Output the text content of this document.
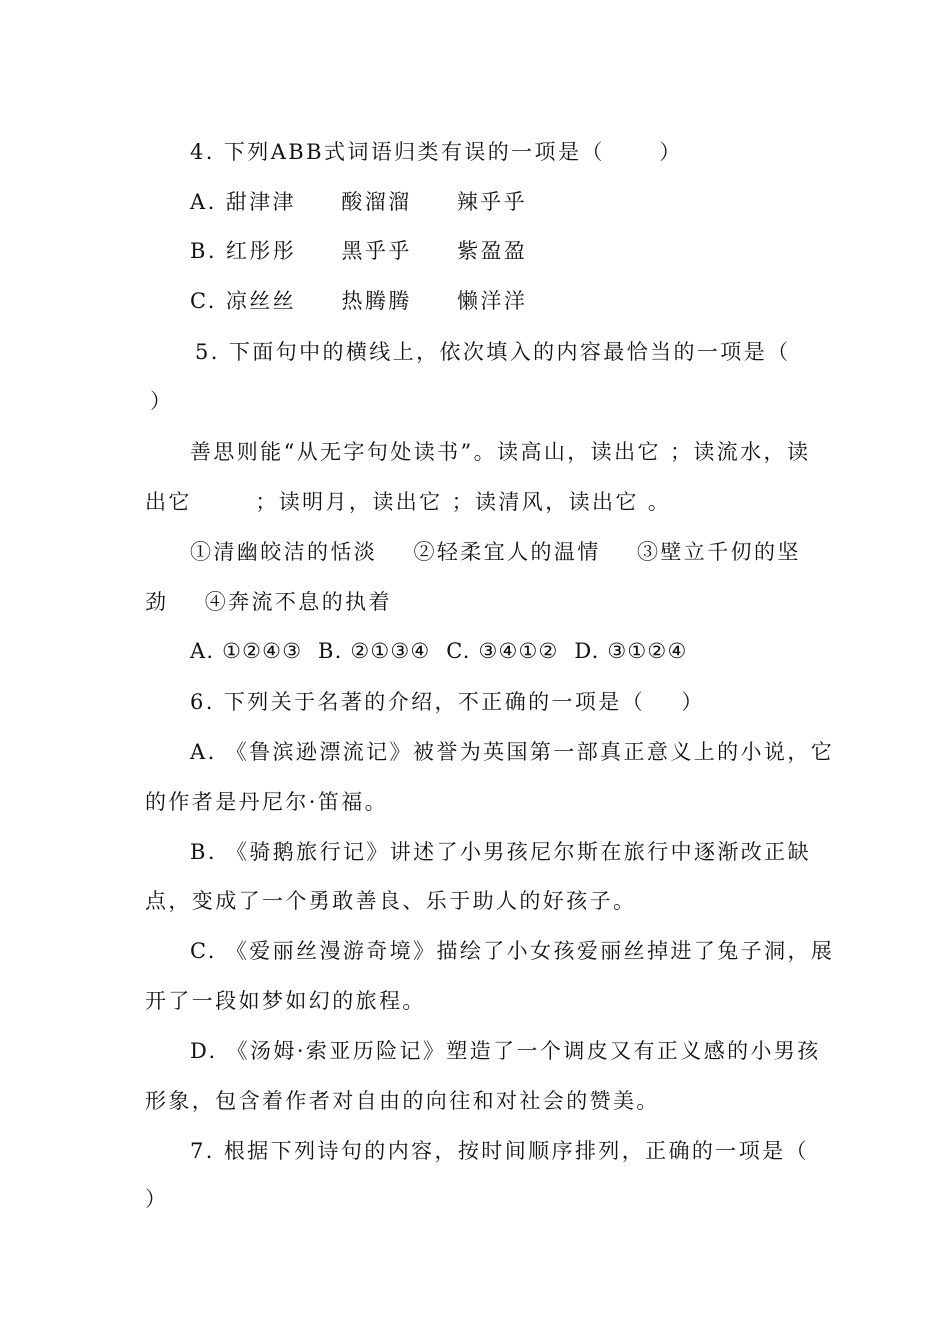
4. 下列ABB式词语归类有误的一项是（      ）
A. 甜津津     酸溜溜     辣乎乎
B. 红彤彤     黑乎乎     紫盈盈
C. 凉丝丝     热腾腾     懒洋洋
5. 下面句中的横线上，依次填入的内容最恰当的一项是（
）
善思则能“从无字句处读书”。读高山，读出它 ；读流水，读
出它       ；读明月，读出它 ；读清风，读出它 。
①清幽皎洁的恬淡    ②轻柔宜人的温情    ③壁立千仞的坚
劲    ④奔流不息的执着
A. ①②④③  B. ②①③④  C. ③④①②  D. ③①②④
6. 下列关于名著的介绍，不正确的一项是（    ）
A. 《鲁滨逊漂流记》被誉为英国第一部真正意义上的小说，它
的作者是丹尼尔·笛福。
B. 《骑鹅旅行记》讲述了小男孩尼尔斯在旅行中逐渐改正缺
点，变成了一个勇敢善良、乐于助人的好孩子。
C. 《爱丽丝漫游奇境》描绘了小女孩爱丽丝掉进了兔子洞，展
开了一段如梦如幻的旅程。
D. 《汤姆·索亚历险记》塑造了一个调皮又有正义感的小男孩
形象，包含着作者对自由的向往和对社会的赞美。
7. 根据下列诗句的内容，按时间顺序排列，正确的一项是（
）
